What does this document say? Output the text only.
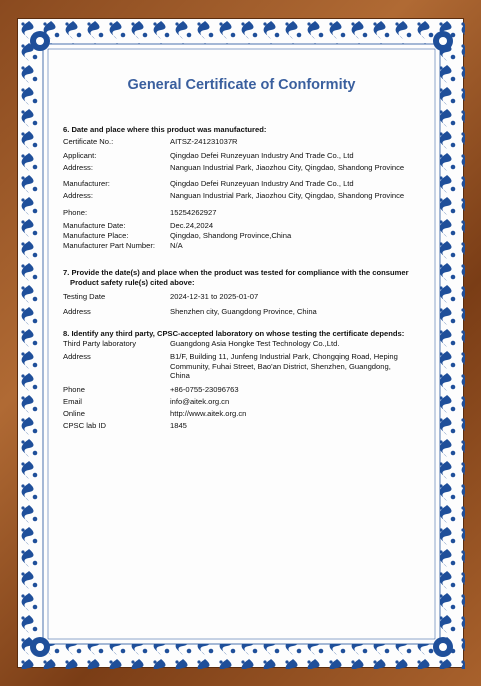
General Certificate of Conformity
6. Date and place where this product was manufactured:
Certificate No.:	AITSZ-241231037R
Applicant:	Qingdao Defei Runzeyuan Industry And Trade Co., Ltd
Address:	Nanguan Industrial Park, Jiaozhou City, Qingdao, Shandong Province
Manufacturer:	Qingdao Defei Runzeyuan Industry And Trade Co., Ltd
Address:	Nanguan Industrial Park, Jiaozhou City, Qingdao, Shandong Province
Phone:	15254262927
Manufacture Date:	Dec.24,2024
Manufacture Place:	Qingdao, Shandong Province,China
Manufacturer Part Number:	N/A
7. Provide the date(s) and place when the product was tested for compliance with the consumer
Product safety rule(s) cited above:
Testing Date	2024-12-31 to 2025-01-07
Address	Shenzhen city, Guangdong Province, China
8. Identify any third party, CPSC-accepted laboratory on whose testing the certificate depends:
Third Party laboratory	Guangdong Asia Hongke Test Technology Co.,Ltd.
Address	B1/F, Building 11, Junfeng Industrial Park, Chongqing Road, Heping Community, Fuhai Street, Bao'an District, Shenzhen, Guangdong, China
Phone	+86-0755-23096763
Email	info@aitek.org.cn
Online	http://www.aitek.org.cn
CPSC lab ID	1845
